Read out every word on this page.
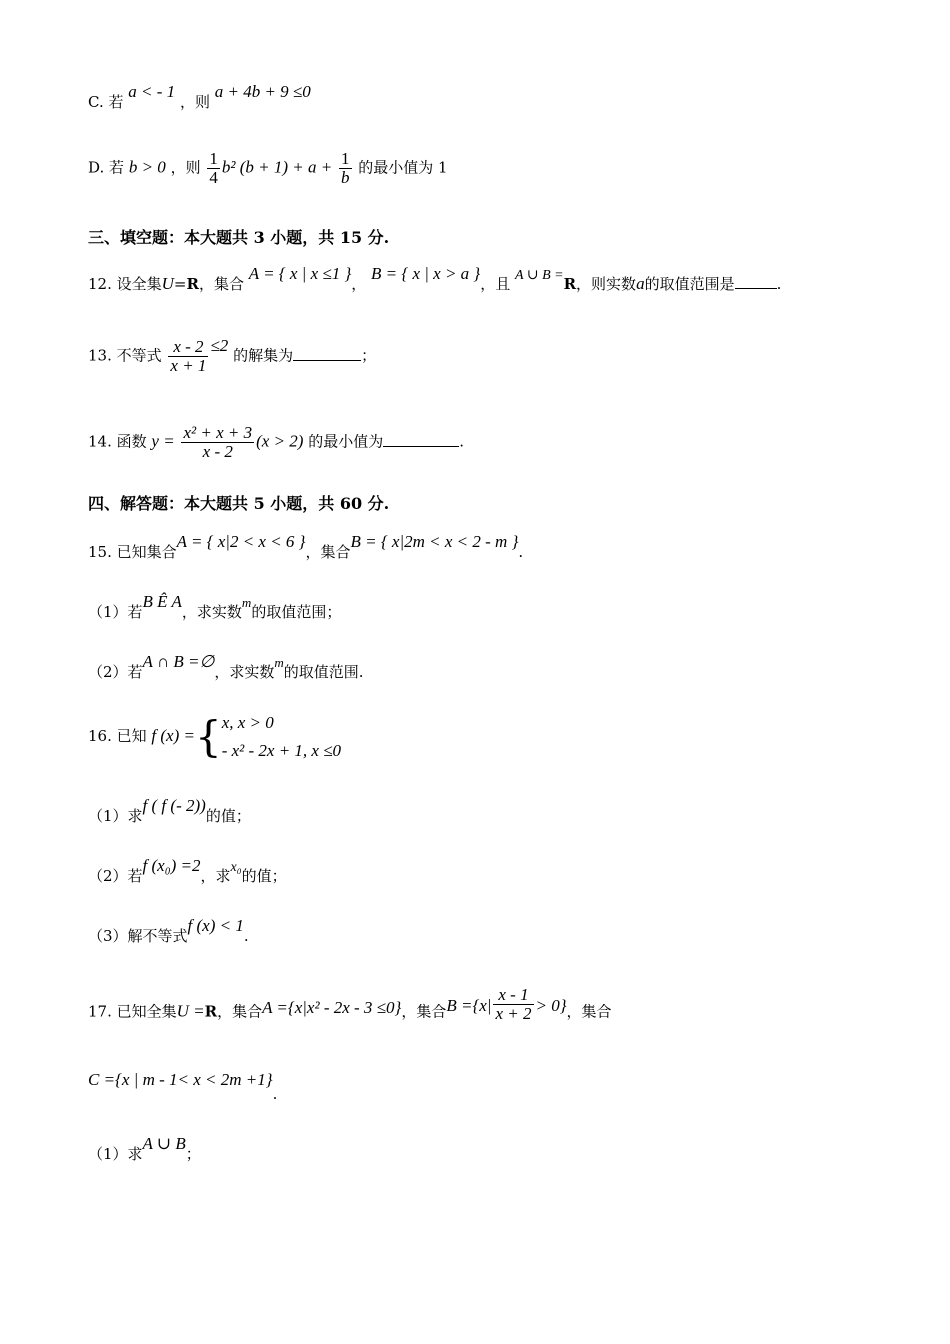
C. 若 a < - 1 ，则 a + 4b + 9 ≤0
D. 若 b > 0 ，则 $\frac{1}{4} b^2$ $(b + 1) + a + \frac{1}{b}$ 的最小值为 1
三、填空题：本大题共 3 小题，共 15 分.
12. 设全集U=R，集合 A = { x | x ≤1 }， B = { x | x > a }，且 A ∪ B =R，则实数a的取值范围是	.
13. 不等式 $\frac{x - 2}{x + 1} \le 2$ 的解集为	；
14. 函数 $y = \frac{\text{x² + x + 3}}{x - 2} (x > 2)$ 的最小值为	.
四、解答题：本大题共 5 小题，共 60 分.
15. 已知集合A = { x|2 < x < 6 }，集合B = { x|2m < x < 2 - m }.
（1）若B Ê A，求实数m的取值范围；
（2）若A ∩ B =∅，求实数m的取值范围.
16. 已知 f (x) ={ x, x > 0
- x² - 2x + 1, x ≤0
（1）求f ( f (- 2))的值；
（2）若f (x₀) =2，求x₀的值；
（3）解不等式f (x) < 1.
17. 已知全集U =R，集合A ={x|x² - 2x - 3 ≤0}，集合$B =\{x| \frac{x - 1}{x + 2} > 0\}$，集合
C ={x | m - 1< x < 2m +1}.
（1）求A ∪ B；
